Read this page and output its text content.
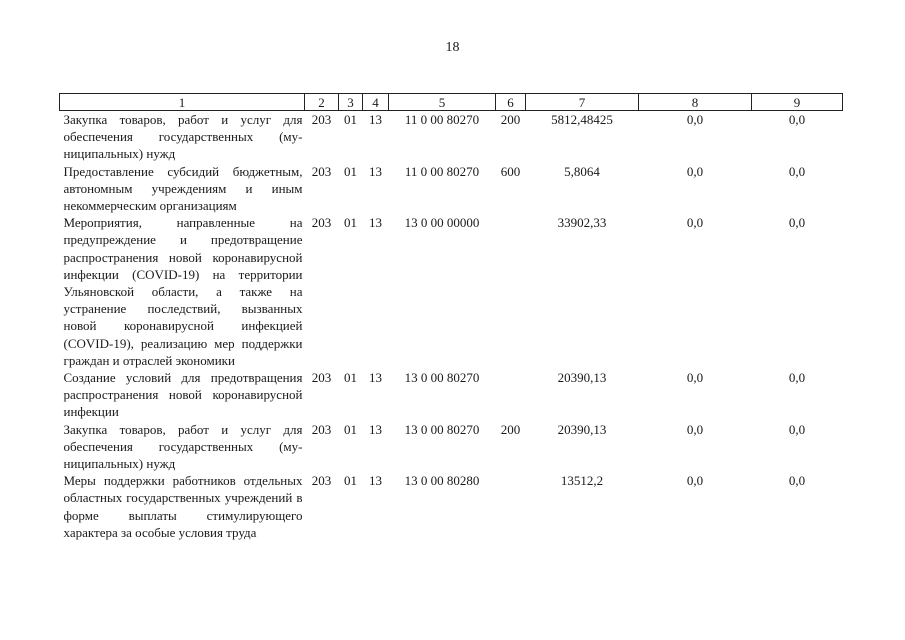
18
1	2	3	4	5	6	7	8	9
Закупка товаров, работ и услуг для обеспечения государственных (муниципальных) нужд	203	01	13	11 0 00 80270	200	5812,48425	0,0	0,0
Предоставление субсидий бюджетным, автономным учреждениям и иным некоммерческим организациям	203	01	13	11 0 00 80270	600	5,8064	0,0	0,0
Мероприятия, направленные на предупреждение и предотвращение распространения новой коронавирусной инфекции (COVID-19) на территории Ульяновской области, а также на устранение последствий, вызванных новой коронавирусной инфекцией (COVID-19), реализацию мер поддержки граждан и отраслей экономики	203	01	13	13 0 00 00000		33902,33	0,0	0,0
Создание условий для предотвращения распространения новой коронавирусной инфекции	203	01	13	13 0 00 80270		20390,13	0,0	0,0
Закупка товаров, работ и услуг для обеспечения государственных (муниципальных) нужд	203	01	13	13 0 00 80270	200	20390,13	0,0	0,0
Меры поддержки работников отдельных областных государственных учреждений в форме выплаты стимулирующего характера за особые условия труда	203	01	13	13 0 00 80280		13512,2	0,0	0,0
